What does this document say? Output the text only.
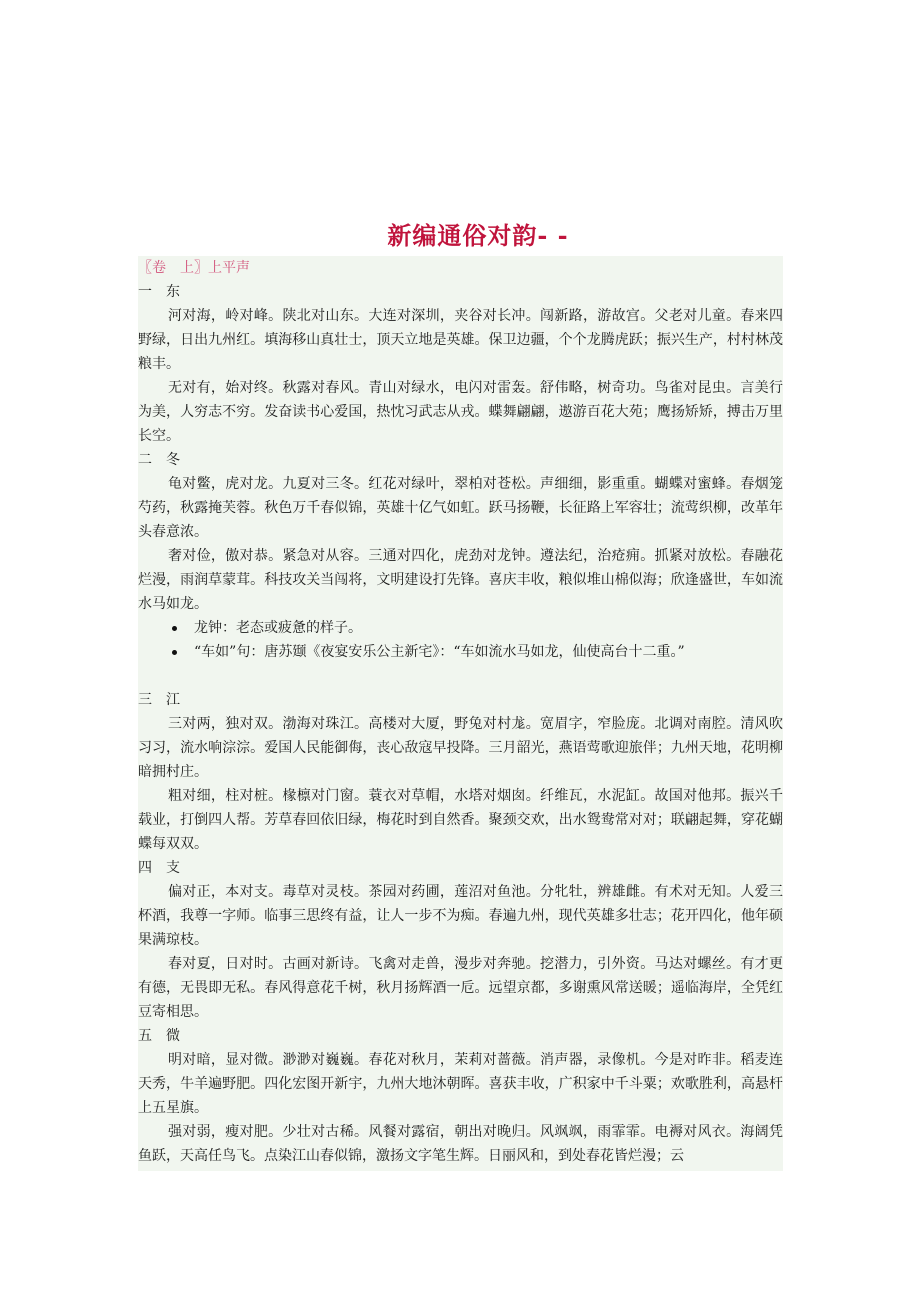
新编通俗对韵- -
〖卷　上〗上平声
一　东
河对海，岭对峰。陕北对山东。大连对深圳，夹谷对长冲。闯新路，游故宫。父老对儿童。春来四野绿，日出九州红。填海移山真壮士，顶天立地是英雄。保卫边疆，个个龙腾虎跃；振兴生产，村村林茂粮丰。
无对有，始对终。秋露对春风。青山对绿水，电闪对雷轰。舒伟略，树奇功。鸟雀对昆虫。言美行为美，人穷志不穷。发奋读书心爱国，热忱习武志从戎。蝶舞翩翩，遨游百花大苑；鹰扬矫矫，搏击万里长空。
二　冬
龟对鳖，虎对龙。九夏对三冬。红花对绿叶，翠柏对苍松。声细细，影重重。蝴蝶对蜜蜂。春烟笼芍药，秋露掩芙蓉。秋色万千春似锦，英雄十亿气如虹。跃马扬鞭，长征路上军容壮；流莺织柳，改革年头春意浓。
奢对俭，傲对恭。紧急对从容。三通对四化，虎劲对龙钟。遵法纪，治疮痈。抓紧对放松。春融花烂漫，雨润草蒙茸。科技攻关当闯将，文明建设打先锋。喜庆丰收，粮似堆山棉似海；欣逢盛世，车如流水马如龙。
龙钟：老态或疲惫的样子。
“车如”句：唐苏颋《夜宴安乐公主新宅》：“车如流水马如龙，仙使高台十二重。”
三　江
三对两，独对双。渤海对珠江。高楼对大厦，野兔对村尨。宽眉字，窄脸庞。北调对南腔。清风吹习习，流水响淙淙。爱国人民能御侮，丧心敌寇早投降。三月韶光，燕语莺歌迎旅伴；九州天地，花明柳暗拥村庄。
粗对细，柱对桩。椽檩对门窗。蓑衣对草帽，水塔对烟囱。纤维瓦，水泥缸。故国对他邦。振兴千载业，打倒四人帮。芳草春回依旧绿，梅花时到自然香。聚颈交欢，出水鸳鸯常对对；联翩起舞，穿花蝴蝶每双双。
四　支
偏对正，本对支。毒草对灵枝。茶园对药圃，莲沼对鱼池。分牝牡，辨雄雌。有术对无知。人爱三杯酒，我尊一字师。临事三思终有益，让人一步不为痴。春遍九州，现代英雄多壮志；花开四化，他年硕果满琼枝。
春对夏，日对时。古画对新诗。飞禽对走兽，漫步对奔驰。挖潜力，引外资。马达对螺丝。有才更有德，无畏即无私。春风得意花千树，秋月扬辉酒一卮。远望京都，多谢熏风常送暖；遥临海岸，全凭红豆寄相思。
五　微
明对暗，显对微。渺渺对巍巍。春花对秋月，茉莉对蔷薇。消声器，录像机。今是对昨非。稻麦连天秀，牛羊遍野肥。四化宏图开新宇，九州大地沐朝晖。喜获丰收，广积家中千斗粟；欢歌胜利，高悬杆上五星旗。
强对弱，瘦对肥。少壮对古稀。风餐对露宿，朝出对晚归。风飒飒，雨霏霏。电褥对风衣。海阔凭鱼跃，天高任鸟飞。点染江山春似锦，激扬文字笔生辉。日丽风和，到处春花皆烂漫；云
